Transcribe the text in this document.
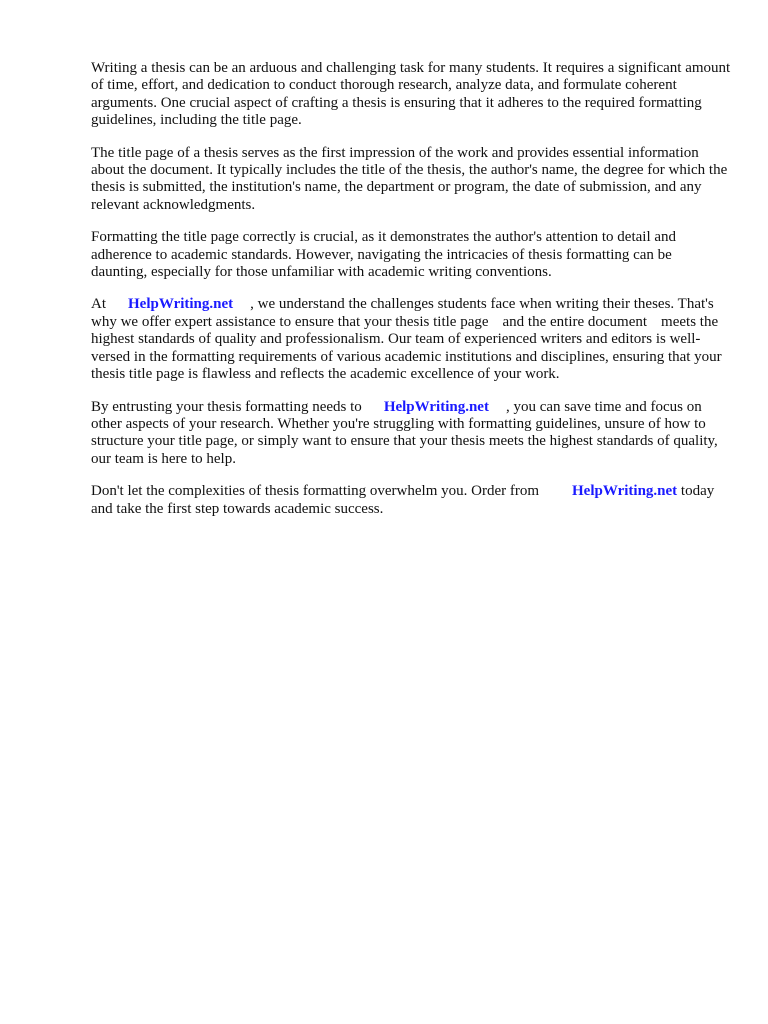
Writing a thesis can be an arduous and challenging task for many students. It requires a significant amount of time, effort, and dedication to conduct thorough research, analyze data, and formulate coherent arguments. One crucial aspect of crafting a thesis is ensuring that it adheres to the required formatting guidelines, including the title page.

The title page of a thesis serves as the first impression of the work and provides essential information about the document. It typically includes the title of the thesis, the author's name, the degree for which the thesis is submitted, the institution's name, the department or program, the date of submission, and any relevant acknowledgments.

Formatting the title page correctly is crucial, as it demonstrates the author's attention to detail and adherence to academic standards. However, navigating the intricacies of thesis formatting can be daunting, especially for those unfamiliar with academic writing conventions.

At HelpWriting.net , we understand the challenges students face when writing their theses. That's why we offer expert assistance to ensure that your thesis title page and the entire document meets the highest standards of quality and professionalism. Our team of experienced writers and editors is well-versed in the formatting requirements of various academic institutions and disciplines, ensuring that your thesis title page is flawless and reflects the academic excellence of your work.

By entrusting your thesis formatting needs to HelpWriting.net , you can save time and focus on other aspects of your research. Whether you're struggling with formatting guidelines, unsure of how to structure your title page, or simply want to ensure that your thesis meets the highest standards of quality, our team is here to help.

Don't let the complexities of thesis formatting overwhelm you. Order from HelpWriting.net today and take the first step towards academic success.
